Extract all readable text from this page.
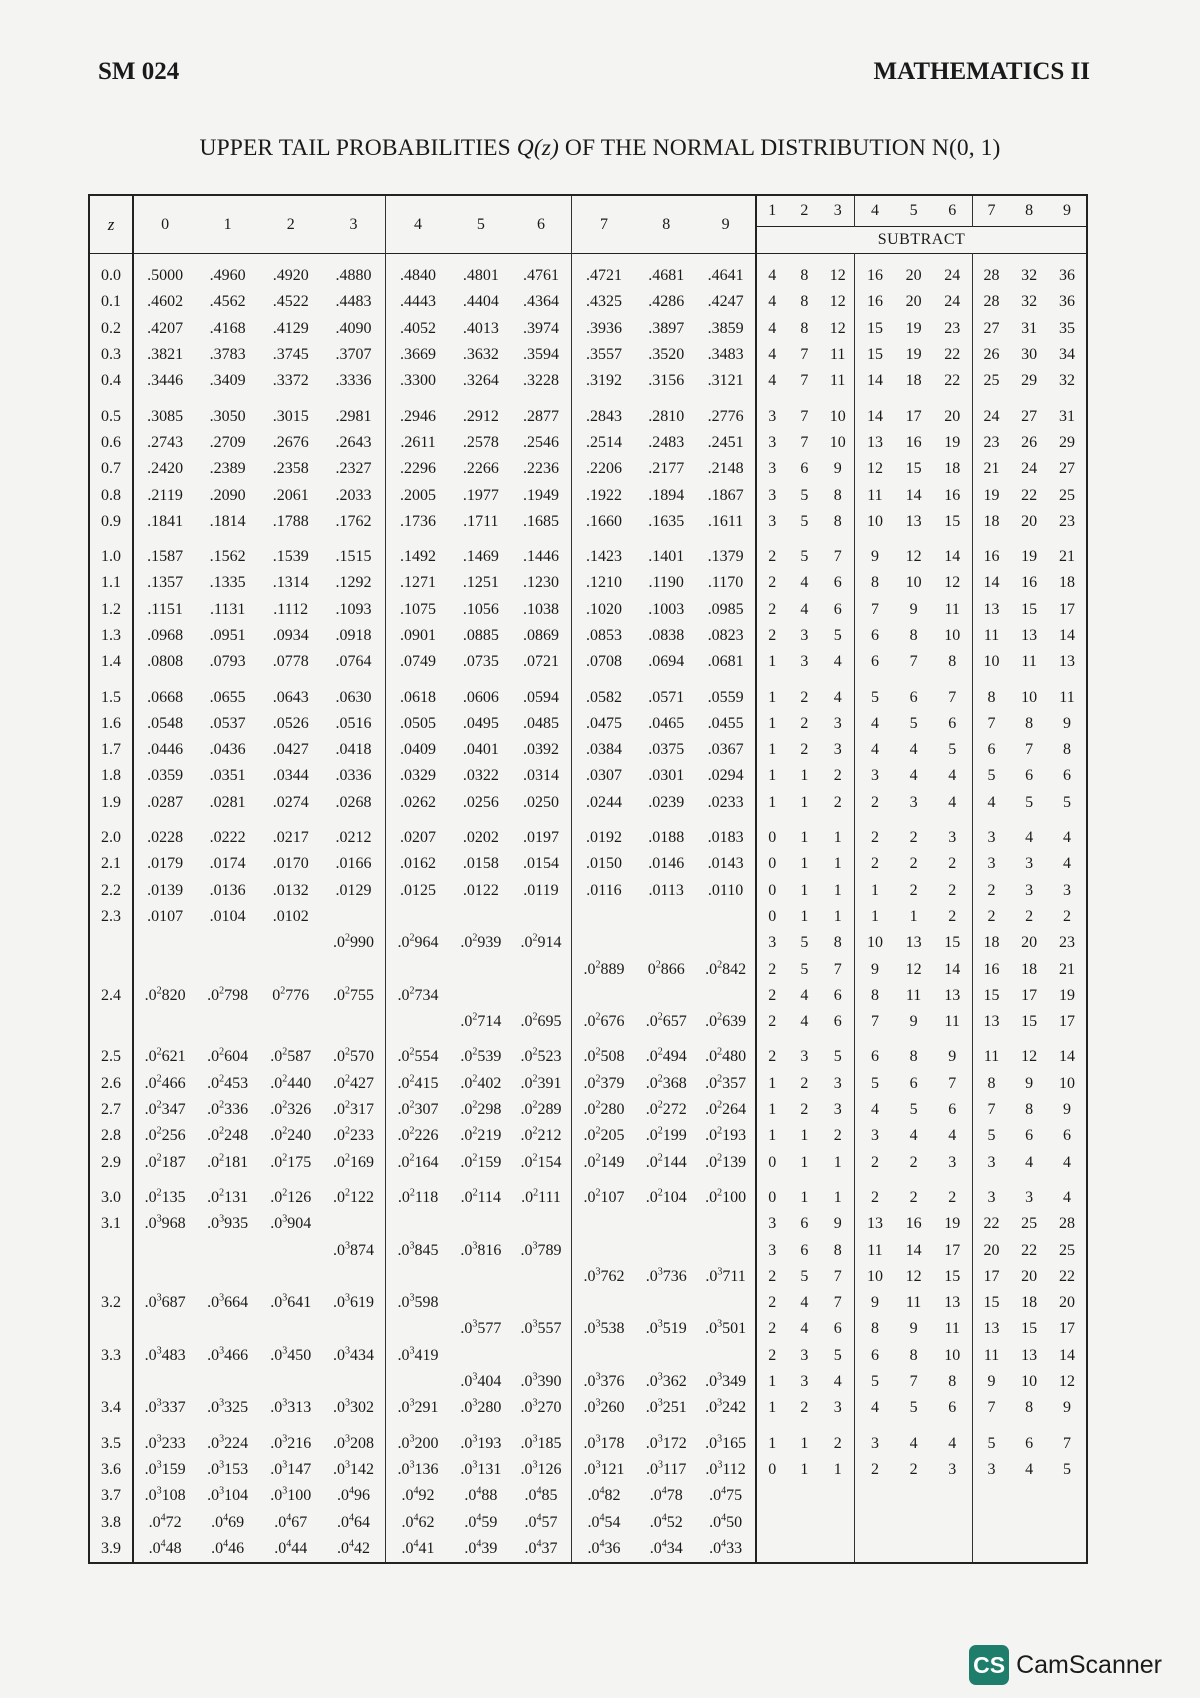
SM 024	MATHEMATICS II
UPPER TAIL PROBABILITIES Q(z) OF THE NORMAL DISTRIBUTION N(0, 1)
z	0	1	2	3	4	5	6	7	8	9	1	2	3	4	5	6	7	8	9
											SUBTRACT								

0.0	.5000	.4960	.4920	.4880	.4840	.4801	.4761	.4721	.4681	.4641	4	8	12	16	20	24	28	32	36
0.1	.4602	.4562	.4522	.4483	.4443	.4404	.4364	.4325	.4286	.4247	4	8	12	16	20	24	28	32	36
0.2	.4207	.4168	.4129	.4090	.4052	.4013	.3974	.3936	.3897	.3859	4	8	12	15	19	23	27	31	35
0.3	.3821	.3783	.3745	.3707	.3669	.3632	.3594	.3557	.3520	.3483	4	7	11	15	19	22	26	30	34
0.4	.3446	.3409	.3372	.3336	.3300	.3264	.3228	.3192	.3156	.3121	4	7	11	14	18	22	25	29	32

0.5	.3085	.3050	.3015	.2981	.2946	.2912	.2877	.2843	.2810	.2776	3	7	10	14	17	20	24	27	31
0.6	.2743	.2709	.2676	.2643	.2611	.2578	.2546	.2514	.2483	.2451	3	7	10	13	16	19	23	26	29
0.7	.2420	.2389	.2358	.2327	.2296	.2266	.2236	.2206	.2177	.2148	3	6	9	12	15	18	21	24	27
0.8	.2119	.2090	.2061	.2033	.2005	.1977	.1949	.1922	.1894	.1867	3	5	8	11	14	16	19	22	25
0.9	.1841	.1814	.1788	.1762	.1736	.1711	.1685	.1660	.1635	.1611	3	5	8	10	13	15	18	20	23

1.0	.1587	.1562	.1539	.1515	.1492	.1469	.1446	.1423	.1401	.1379	2	5	7	9	12	14	16	19	21
1.1	.1357	.1335	.1314	.1292	.1271	.1251	.1230	.1210	.1190	.1170	2	4	6	8	10	12	14	16	18
1.2	.1151	.1131	.1112	.1093	.1075	.1056	.1038	.1020	.1003	.0985	2	4	6	7	9	11	13	15	17
1.3	.0968	.0951	.0934	.0918	.0901	.0885	.0869	.0853	.0838	.0823	2	3	5	6	8	10	11	13	14
1.4	.0808	.0793	.0778	.0764	.0749	.0735	.0721	.0708	.0694	.0681	1	3	4	6	7	8	10	11	13

1.5	.0668	.0655	.0643	.0630	.0618	.0606	.0594	.0582	.0571	.0559	1	2	4	5	6	7	8	10	11
1.6	.0548	.0537	.0526	.0516	.0505	.0495	.0485	.0475	.0465	.0455	1	2	3	4	5	6	7	8	9
1.7	.0446	.0436	.0427	.0418	.0409	.0401	.0392	.0384	.0375	.0367	1	2	3	4	4	5	6	7	8
1.8	.0359	.0351	.0344	.0336	.0329	.0322	.0314	.0307	.0301	.0294	1	1	2	3	4	4	5	6	6
1.9	.0287	.0281	.0274	.0268	.0262	.0256	.0250	.0244	.0239	.0233	1	1	2	2	3	4	4	5	5

2.0	.0228	.0222	.0217	.0212	.0207	.0202	.0197	.0192	.0188	.0183	0	1	1	2	2	3	3	4	4
2.1	.0179	.0174	.0170	.0166	.0162	.0158	.0154	.0150	.0146	.0143	0	1	1	2	2	2	3	3	4
2.2	.0139	.0136	.0132	.0129	.0125	.0122	.0119	.0116	.0113	.0110	0	1	1	1	2	2	2	3	3
2.3	.0107	.0104	.0102								0	1	1	1	1	2	2	2	2
				$.0^2990$	$.0^2964$	$.0^2939$	$.0^2914$				3	5	8	10	13	15	18	20	23
								$.0^2889$	$0^2866$	$.0^2842$	2	5	7	9	12	14	16	18	21
2.4	$.0^2820$	$.0^2798$	$0^2776$	$.0^2755$	$.0^2734$						2	4	6	8	11	13	15	17	19
						$.0^2714$	$.0^2695$	$.0^2676$	$.0^2657$	$.0^2639$	2	4	6	7	9	11	13	15	17

2.5	$.0^2621$	$.0^2604$	$.0^2587$	$.0^2570$	$.0^2554$	$.0^2539$	$.0^2523$	$.0^2508$	$.0^2494$	$.0^2480$	2	3	5	6	8	9	11	12	14
2.6	$.0^2466$	$.0^2453$	$.0^2440$	$.0^2427$	$.0^2415$	$.0^2402$	$.0^2391$	$.0^2379$	$.0^2368$	$.0^2357$	1	2	3	5	6	7	8	9	10
2.7	$.0^2347$	$.0^2336$	$.0^2326$	$.0^2317$	$.0^2307$	$.0^2298$	$.0^2289$	$.0^2280$	$.0^2272$	$.0^2264$	1	2	3	4	5	6	7	8	9
2.8	$.0^2256$	$.0^2248$	$.0^2240$	$.0^2233$	$.0^2226$	$.0^2219$	$.0^2212$	$.0^2205$	$.0^2199$	$.0^2193$	1	1	2	3	4	4	5	6	6
2.9	$.0^2187$	$.0^2181$	$.0^2175$	$.0^2169$	$.0^2164$	$.0^2159$	$.0^2154$	$.0^2149$	$.0^2144$	$.0^2139$	0	1	1	2	2	3	3	4	4

3.0	$.0^2135$	$.0^2131$	$.0^2126$	$.0^2122$	$.0^2118$	$.0^2114$	$.0^2111$	$.0^2107$	$.0^2104$	$.0^2100$	0	1	1	2	2	2	3	3	4
3.1	$.0^3968$	$.0^3935$	$.0^3904$								3	6	9	13	16	19	22	25	28
				$.0^3874$	$.0^3845$	$.0^3816$	$.0^3789$				3	6	8	11	14	17	20	22	25
								$.0^3762$	$.0^3736$	$.0^3711$	2	5	7	10	12	15	17	20	22
3.2	$.0^3687$	$.0^3664$	$.0^3641$	$.0^3619$	$.0^3598$						2	4	7	9	11	13	15	18	20
						$.0^3577$	$.0^3557$	$.0^3538$	$.0^3519$	$.0^3501$	2	4	6	8	9	11	13	15	17
3.3	$.0^3483$	$.0^3466$	$.0^3450$	$.0^3434$	$.0^3419$						2	3	5	6	8	10	11	13	14
						$.0^3404$	$.0^3390$	$.0^3376$	$.0^3362$	$.0^3349$	1	3	4	5	7	8	9	10	12
3.4	$.0^3337$	$.0^3325$	$.0^3313$	$.0^3302$	$.0^3291$	$.0^3280$	$.0^3270$	$.0^3260$	$.0^3251$	$.0^3242$	1	2	3	4	5	6	7	8	9

3.5	$.0^3233$	$.0^3224$	$.0^3216$	$.0^3208$	$.0^3200$	$.0^3193$	$.0^3185$	$.0^3178$	$.0^3172$	$.0^3165$	1	1	2	3	4	4	5	6	7
3.6	$.0^3159$	$.0^3153$	$.0^3147$	$.0^3142$	$.0^3136$	$.0^3131$	$.0^3126$	$.0^3121$	$.0^3117$	$.0^3112$	0	1	1	2	2	3	3	4	5
3.7	$.0^3108$	$.0^3104$	$.0^3100$	$.0^496$	$.0^492$	$.0^488$	$.0^485$	$.0^482$	$.0^478$	$.0^475$									
3.8	$.0^472$	$.0^469$	$.0^467$	$.0^464$	$.0^462$	$.0^459$	$.0^457$	$.0^454$	$.0^452$	$.0^450$									
3.9	$.0^448$	$.0^446$	$.0^444$	$.0^442$	$.0^441$	$.0^439$	$.0^437$	$.0^436$	$.0^434$	$.0^433$									
CS CamScanner
